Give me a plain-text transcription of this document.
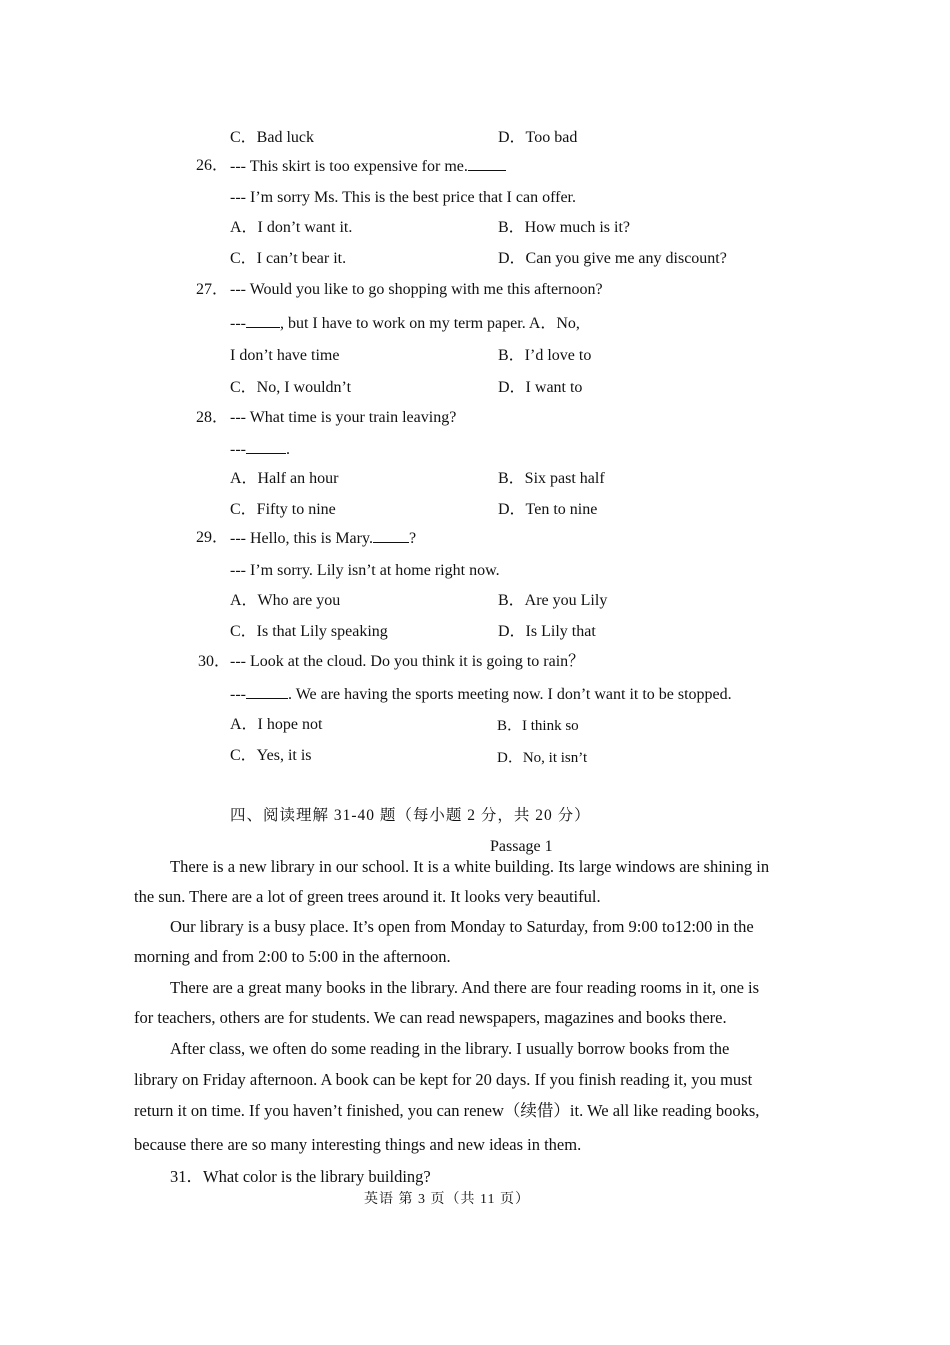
C．Bad luck	D．Too bad
26． --- This skirt is too expensive for me.
--- I’m sorry Ms. This is the best price that I can offer.
A．I don’t want it.	B．How much is it?
C．I can’t bear it.	D．Can you give me any discount?
27． --- Would you like to go shopping with me this afternoon?
--- , but I have to work on my term paper. A．No,
I don’t have time	B．I’d love to
C．No, I wouldn’t	D．I want to
28． --- What time is your train leaving?
---	.
A．Half an hour	B．Six past half
C．Fifty to nine	D．Ten to nine
29． --- Hello, this is Mary. ?
--- I’m sorry. Lily isn’t at home right now.
A．Who are you	B．Are you Lily
C．Is that Lily speaking	D．Is Lily that
30． --- Look at the cloud. Do you think it is going to rain？
---	. We are having the sports meeting now. I don’t want it to be stopped.
A．I hope not	B．I think so
C．Yes, it is	D．No, it isn’t
四、阅读理解 31-40 题（每小题 2 分，共 20 分）
Passage 1
There is a new library in our school. It is a white building. Its large windows are shining in
the sun. There are a lot of green trees around it. It looks very beautiful.
Our library is a busy place. It’s open from Monday to Saturday, from 9:00 to12:00 in the
morning and from 2:00 to 5:00 in the afternoon.
There are a great many books in the library. And there are four reading rooms in it, one is
for teachers, others are for students. We can read newspapers, magazines and books there.
After class, we often do some reading in the library. I usually borrow books from the
library on Friday afternoon. A book can be kept for 20 days. If you finish reading it, you must
return it on time. If you haven’t finished, you can renew（续借）it. We all like reading books,
because there are so many interesting things and new ideas in them.
31．What color is the library building?
英语 第 3 页（共 11 页）
